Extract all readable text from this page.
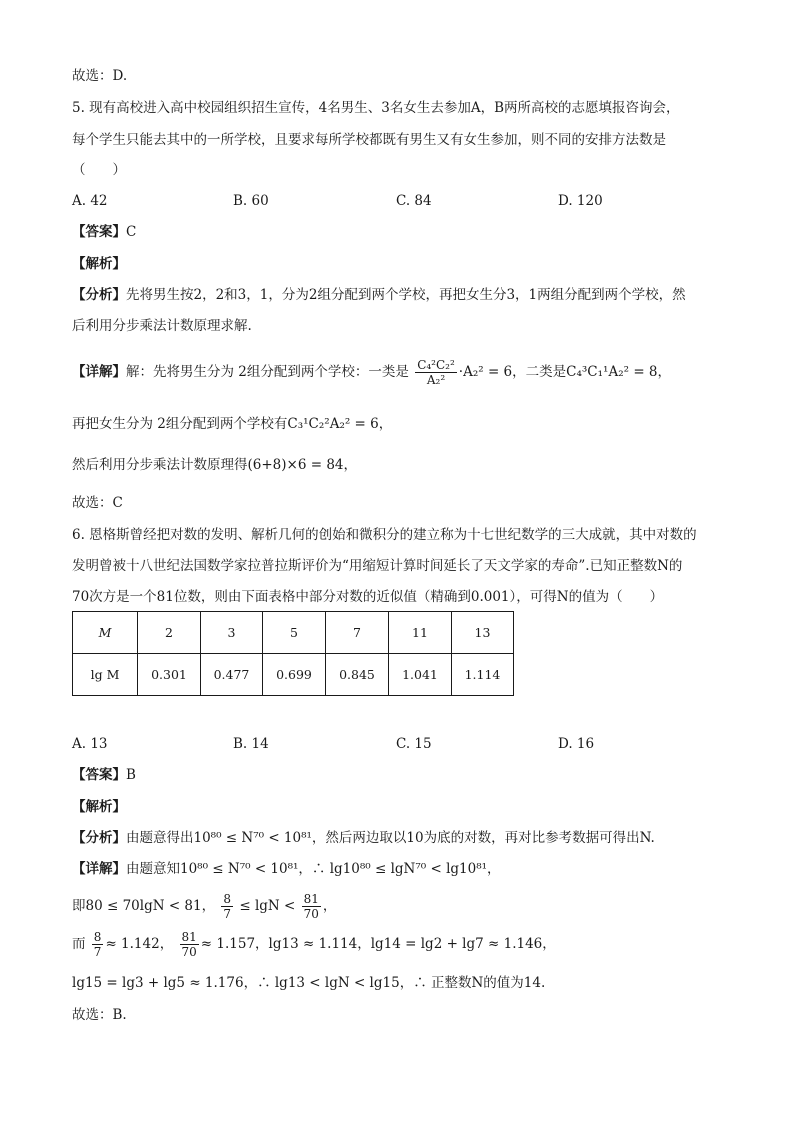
故选：D.
5. 现有高校进入高中校园组织招生宣传，4名男生、3名女生去参加A，B两所高校的志愿填报咨询会，
每个学生只能去其中的一所学校，且要求每所学校都既有男生又有女生参加，则不同的安排方法数是
（　　）
A. 42	B. 60	C. 84	D. 120
【答案】C
【解析】
【分析】先将男生按2，2和3，1，分为2组分配到两个学校，再把女生分3，1两组分配到两个学校，然
后利用分步乘法计数原理求解.
【详解】解：先将男生分为 2组分配到两个学校：一类是 $\frac{\text{C₄²C₂²}}{\text{A₂²}} \cdot A_2^2 = 6$，二类是C₄³C₁¹A₂² = 8，
再把女生分为 2组分配到两个学校有C₃¹C₂²A₂² = 6，
然后利用分步乘法计数原理得(6+8)×6 = 84，
故选：C
6. 恩格斯曾经把对数的发明、解析几何的创始和微积分的建立称为十七世纪数学的三大成就，其中对数的
发明曾被十八世纪法国数学家拉普拉斯评价为“用缩短计算时间延长了天文学家的寿命”.已知正整数N的
70次方是一个81位数，则由下面表格中部分对数的近似值（精确到0.001），可得N的值为（　　）
M	2	3	5	7	11	13
lg M	0.301	0.477	0.699	0.845	1.041	1.114
A. 13	B. 14	C. 15	D. 16
【答案】B
【解析】
【分析】由题意得出10⁸⁰ ≤ N⁷⁰ < 10⁸¹，然后两边取以10为底的对数，再对比参考数据可得出N.
【详解】由题意知10⁸⁰ ≤ N⁷⁰ < 10⁸¹，∴ lg10⁸⁰ ≤ lgN⁷⁰ < lg10⁸¹，
即80 ≤ 70lgN < 81， $\frac{8}{7} \le \lg N < \frac{81}{70}$ ，
而 $\frac{8}{7} \approx 1.142$， $\frac{81}{70} \approx 1.157$，lg13 ≈ 1.114，lg14 = lg2 + lg7 ≈ 1.146，
lg15 = lg3 + lg5 ≈ 1.176，∴ lg13 < lgN < lg15，∴ 正整数N的值为14.
故选：B.
